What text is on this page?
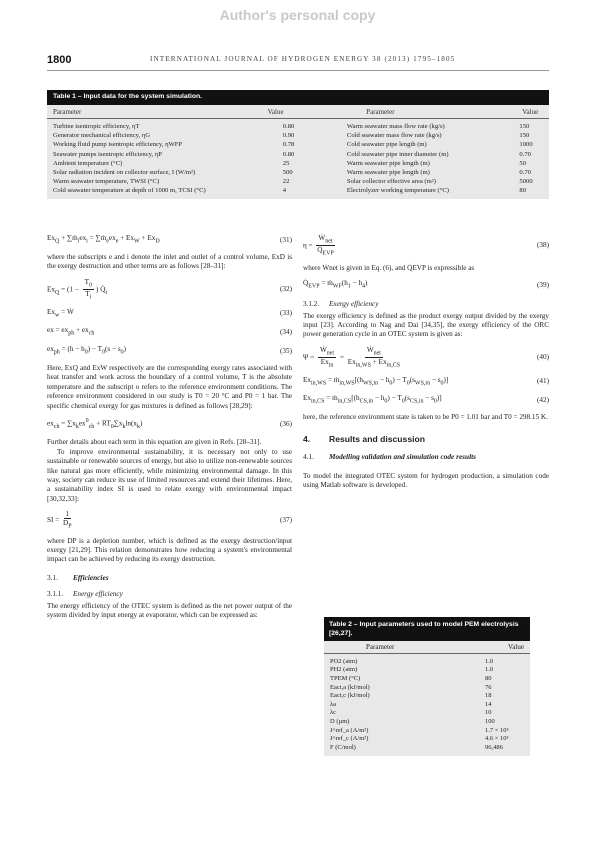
Author's personal copy
1800	INTERNATIONAL JOURNAL OF HYDROGEN ENERGY 38 (2013) 1795–1805
Table 1 – Input data for the system simulation.
Parameter	Value	Parameter	Value
Turbine isentropic efficiency, ηT	0.80	Warm seawater mass flow rate (kg/s)	150
Generator mechanical efficiency, ηG	0.90	Cold seawater mass flow rate (kg/s)	150
Working fluid pump isentropic efficiency, ηWFP	0.78	Cold seawater pipe length (m)	1000
Seawater pumps isentropic efficiency, ηP	0.80	Cold seawater pipe inner diameter (m)	0.70
Ambient temperature (°C)	25	Warm seawater pipe length (m)	50
Solar radiation incident on collector surface, I (W/m²)	500	Warm seawater pipe length (m)	0.70
Warm seawater temperature, TWSI (°C)	22	Solar collector effective area (m²)	5000
Cold seawater temperature at depth of 1000 m, TCSI (°C)	4	Electrolyzer working temperature (°C)	80
$Ex_Q$ + $\sum ṁ_iex_i$ = $\sum ṁ_eex_e + Ex_W + Ex_D$	(31)

where the subscripts e and i denote the inlet and outlet of a control volume, ExD is the exergy destruction and other terms are as follows [28–31]:

$Ex_Q = (1 - \frac{T_0}{T_i}$ ) $Q̇_i$	(32)
$Ex_w$ = Ẇ	(33)
ex = $ex_{ph} + ex_{ch}$	(34)
$ex_{ph} = (h - h_0) - T_0(s - s_0)$	(35)

Here, ExQ and ExW respectively are the corresponding exergy rates associated with heat transfer and work across the boundary of a control volume, T is the absolute temperature and the subscript o refers to the reference environment conditions. The reference environment considered in our study is T0 = 20 °C and P0 = 1 bar. The specific chemical exergy for gas mixtures is defined as follows [28,29]:

$ex_{ch} = \sum x_kex^0_{ch} + RT_0\sum x_k\ln(x_k)$	(36)

Further details about each term in this equation are given in Refs. [28–31].

To improve environmental sustainability, it is necessary not only to use sustainable or renewable sources of energy, but also to utilize non-renewable sources like natural gas more efficiently, while minimizing environmental damage. In this way, society can reduce its use of limited resources and extend their lifetimes. Here, a sustainability index SI is used to relate exergy with environmental impact [30,32,33]:

SI = $\frac{1}{D_P}$	(37)

where DP is a depletion number, which is defined as the exergy destruction/input exergy [21,29]. This relation demonstrates how reducing a system's environmental impact can be achieved by reducing its exergy destruction.

3.1. Efficiencies
3.1.1. Energy efficiency

The energy efficiency of the OTEC system is defined as the net power output of the system divided by input energy at evaporator, which can be expressed as:

$\eta = \frac{Ẇ_{net}}{Q̇_{EVP}}$	(38)

where Ẇnet is given in Eq. (6), and Q̇EVP is expressible as

$Q̇_{EVP}$ = $ṁ_{WF}(h_1 - h_4)$	(39)
3.1.2. Exergy efficiency

The exergy efficiency is defined as the product exergy output divided by the exergy input [23]. According to Nag and Dai [34,35], the exergy efficiency of the ORC power generation cycle in an OTEC system is given as:

$\Psi = \frac{Ẇ_{net}}{Ex_{in}} = \frac{Ẇ_{net}}{Ex_{in,WS} + Ex_{in,CS}}$	(40)
$Ex_{in,WS}$ = $ṁ_{in,WS}[(h_{WS,in} - h_0) - T_0(s_{WS,in} - s_0)]$	(41)
$Ex_{in,CS}$ = $ṁ_{in,CS}[(h_{CS,in} - h_0) - T_0(s_{CS,in} - s_0)]$	(42)

here, the reference environment state is taken to be P0 = 1.01 bar and T0 = 298.15 K.

4. Results and discussion
4.1. Modelling validation and simulation code results

To model the integrated OTEC system for hydrogen production, a simulation code using Matlab software is developed.

Table 2 – Input parameters used to model PEM electrolysis [26,27].
Parameter	Value
PO2 (atm)	1.0
PH2 (atm)	1.0
TPEM (°C)	80
Eact,a (kJ/mol)	76
Eact,c (kJ/mol)	18
λa	14
λc	10
D (µm)	100
J^ref_a (A/m²)	1.7 × 10⁵
J^ref_c (A/m²)	4.6 × 10³
F (C/mol)	96,486
